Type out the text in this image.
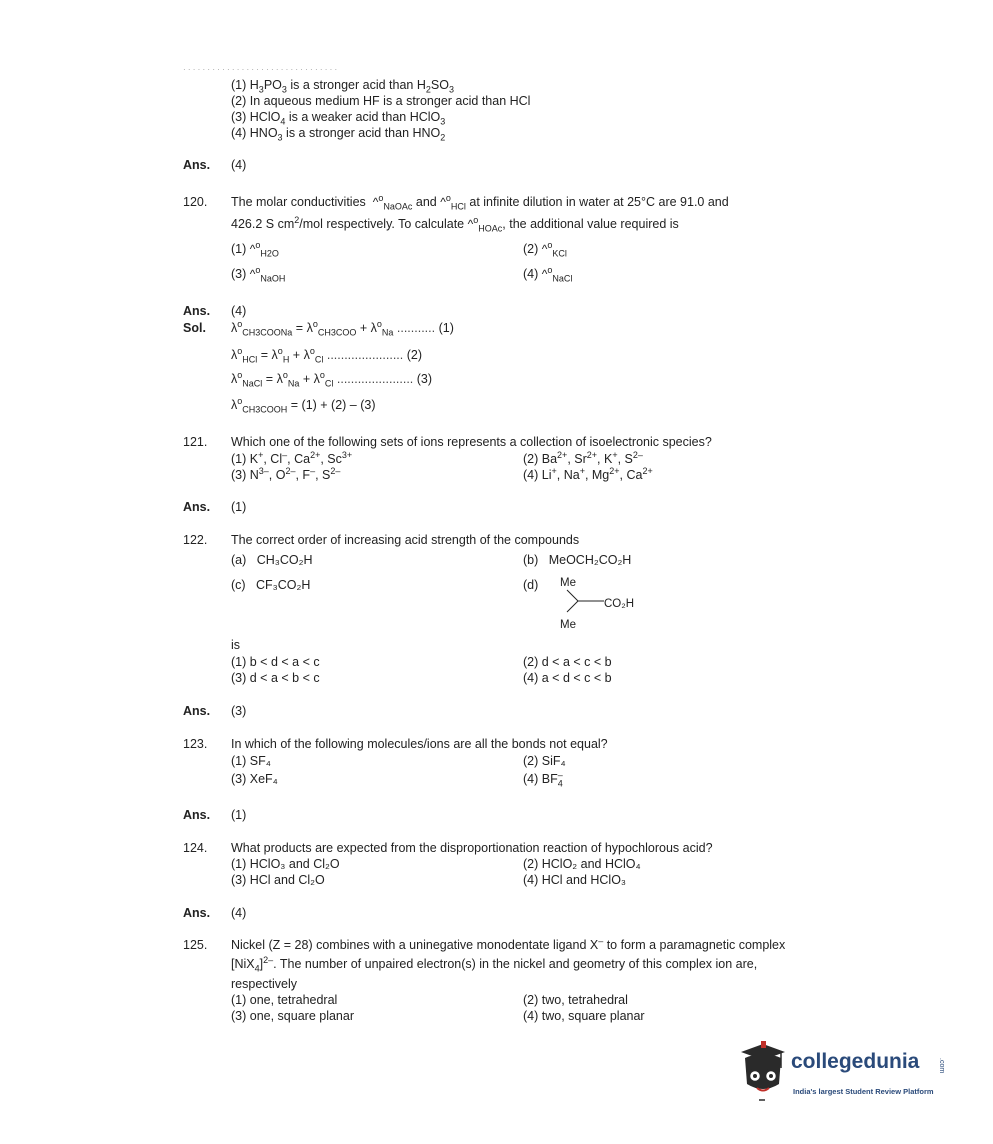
· · · · · · · · · · · · · · · · · · · · · · · · · · · · · · · ·
(1) $H_3PO_3$ is a stronger acid than $H_2SO_3$
(2) In aqueous medium HF is a stronger acid than HCl
(3) HClO$_4$ is a weaker acid than HClO$_3$
(4) $HNO_3$ is a stronger acid than $HNO_2$
Ans. (4)
120. The molar conductivities ^$^o_{NaOAc}$ and ^$^o_{HCl}$ at infinite dilution in water at 25°C are 91.0 and
426.2 S $cm^2$/mol respectively. To calculate ^$^o_{HOAc}$, the additional value required is
(1) ^$^o_{H2O}$	(2) ^$^o_{KCl}$
(3) ^$^o_{NaOH}$	(4) ^$^o_{NaCl}$
Ans. (4)
Sol. $\lambda^o_{CH3COONa} = \lambda^o_{CH3COO} + \lambda^o_{Na}$ ........... (1)
$\lambda^o_{HCl} = \lambda^o_H + \lambda^o_{Cl}$ ...................... (2)
$\lambda^o_{NaCl} = \lambda^o_{Na} + \lambda^o_{Cl}$ ...................... (3)
$\lambda^o_{CH3COOH} = (1) + (2) - (3)$
121. Which one of the following sets of ions represents a collection of isoelectronic species?
(1) K+, Cl–, $Ca^{2+}$, $Sc^{3+}$	(2) $Ba^{2+}$, $Sr^{2+}$, K+, $S^{2-}$
(3) $N^{3-}$, $O^{2-}$, F–, $S^{2-}$	(4) Li+, Na+, $Mg^{2+}$, $Ca^{2+}$
Ans. (1)
122. The correct order of increasing acid strength of the compounds
(a) CH₃CO₂H	(b) MeOCH₂CO₂H
(c) CF₃CO₂H	(d) Me
CO₂H
Me
is
(1) b < d < a < c	(2) d < a < c < b
(3) d < a < b < c	(4) a < d < c < b
Ans. (3)
123. In which of the following molecules/ions are all the bonds not equal?
(1) SF₄	(2) SiF₄
(3) XeF₄	(4) $BF_4^-$
Ans. (1)
124. What products are expected from the disproportionation reaction of hypochlorous acid?
(1) HClO₃ and Cl₂O	(2) HClO₂ and HClO₄
(3) HCl and Cl₂O	(4) HCl and HClO₃
Ans. (4)
125. Nickel (Z = 28) combines with a uninegative monodentate ligand X– to form a paramagnetic complex
$[NiX_4]^{2-}$. The number of unpaired electron(s) in the nickel and geometry of this complex ion are,
respectively
(1) one, tetrahedral	(2) two, tetrahedral
(3) one, square planar	(4) two, square planar
collegedunia	.com
India's largest Student Review Platform
